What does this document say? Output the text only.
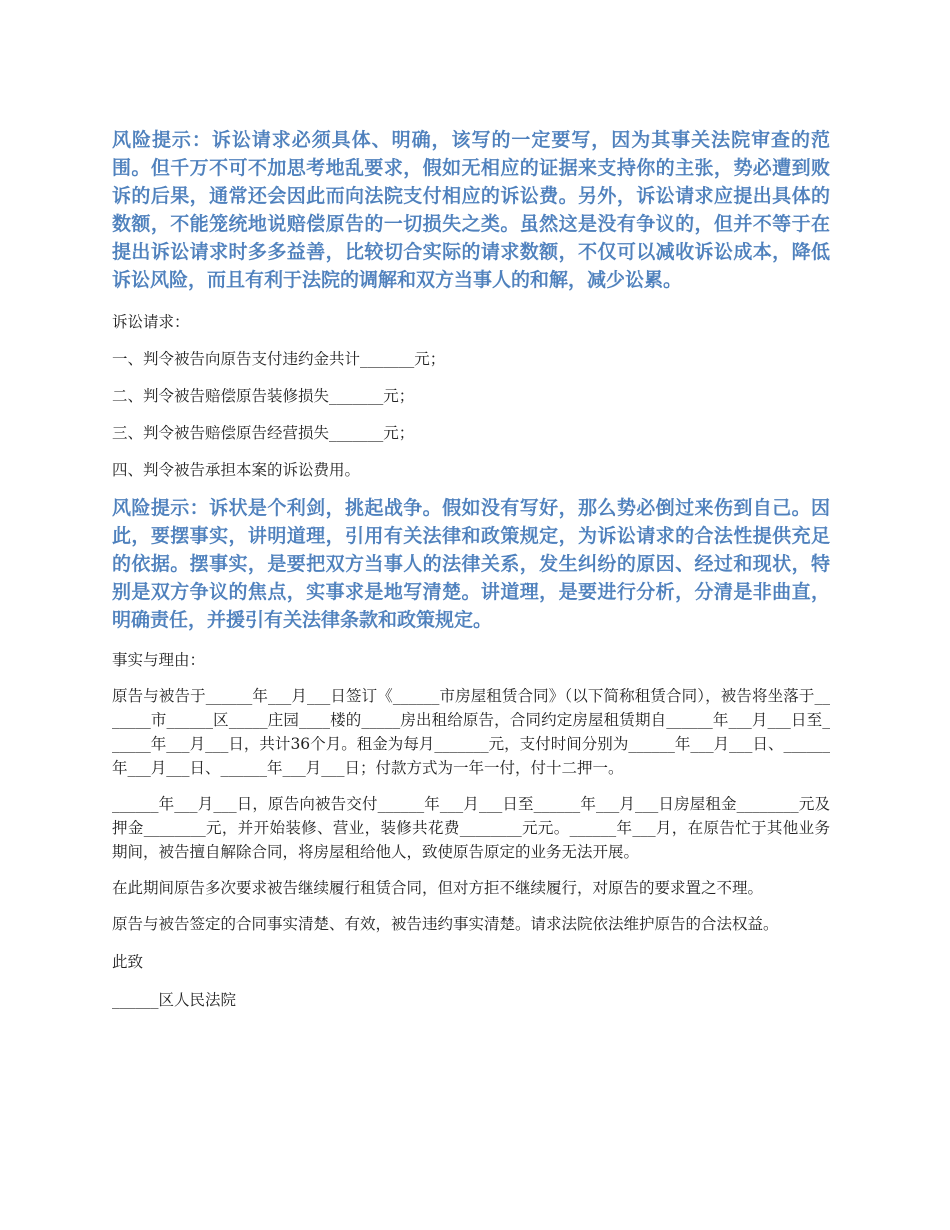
风险提示：诉讼请求必须具体、明确，该写的一定要写，因为其事关法院审查的范围。但千万不可不加思考地乱要求，假如无相应的证据来支持你的主张，势必遭到败诉的后果，通常还会因此而向法院支付相应的诉讼费。另外，诉讼请求应提出具体的数额，不能笼统地说赔偿原告的一切损失之类。虽然这是没有争议的，但并不等于在提出诉讼请求时多多益善，比较切合实际的请求数额，不仅可以减收诉讼成本，降低诉讼风险，而且有利于法院的调解和双方当事人的和解，减少讼累。

诉讼请求：

一、判令被告向原告支付违约金共计_______元；

二、判令被告赔偿原告装修损失_______元；

三、判令被告赔偿原告经营损失_______元；

四、判令被告承担本案的诉讼费用。

风险提示：诉状是个利剑，挑起战争。假如没有写好，那么势必倒过来伤到自己。因此，要摆事实，讲明道理，引用有关法律和政策规定，为诉讼请求的合法性提供充足的依据。摆事实，是要把双方当事人的法律关系，发生纠纷的原因、经过和现状，特别是双方争议的焦点，实事求是地写清楚。讲道理，是要进行分析，分清是非曲直，明确责任，并援引有关法律条款和政策规定。

事实与理由：

原告与被告于______年___月___日签订《______市房屋租赁合同》（以下简称租赁合同），被告将坐落于_______市______区_____庄园____楼的_____房出租给原告，合同约定房屋租赁期自______年___月___日至______年___月___日，共计36个月。租金为每月_______元，支付时间分别为______年___月___日、______年___月___日、______年___月___日；付款方式为一年一付，付十二押一。

______年___月___日，原告向被告交付______年___月___日至______年___月___日房屋租金________元及押金________元，并开始装修、营业，装修共花费________元元。______年___月，在原告忙于其他业务期间，被告擅自解除合同，将房屋租给他人，致使原告原定的业务无法开展。

在此期间原告多次要求被告继续履行租赁合同，但对方拒不继续履行，对原告的要求置之不理。

原告与被告签定的合同事实清楚、有效，被告违约事实清楚。请求法院依法维护原告的合法权益。

此致

______区人民法院
